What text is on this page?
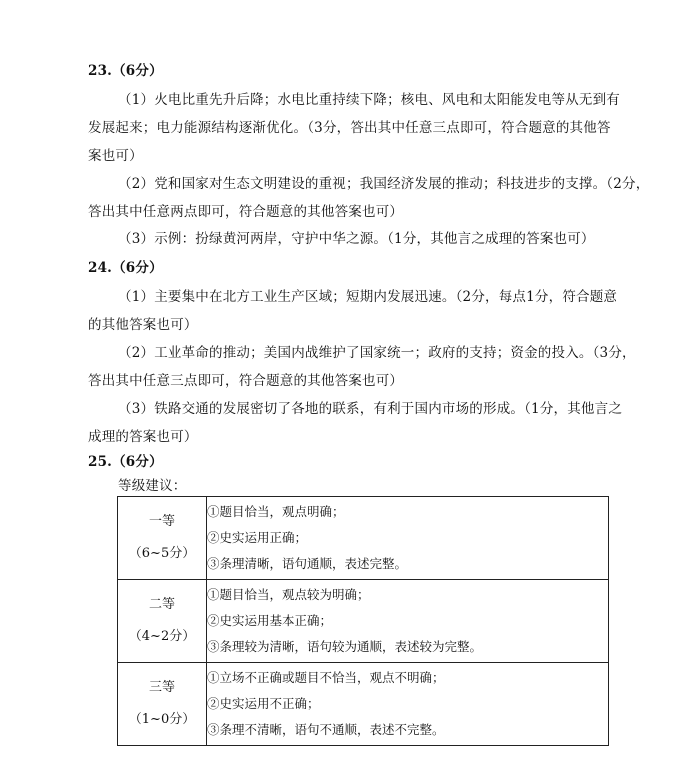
23.（6分）
（1）火电比重先升后降；水电比重持续下降；核电、风电和太阳能发电等从无到有
发展起来；电力能源结构逐渐优化。（3分，答出其中任意三点即可，符合题意的其他答
案也可）
（2）党和国家对生态文明建设的重视；我国经济发展的推动；科技进步的支撑。（2分，
答出其中任意两点即可，符合题意的其他答案也可）
（3）示例：扮绿黄河两岸，守护中华之源。（1分，其他言之成理的答案也可）
24.（6分）
（1）主要集中在北方工业生产区域；短期内发展迅速。（2分，每点1分，符合题意
的其他答案也可）
（2）工业革命的推动；美国内战维护了国家统一；政府的支持；资金的投入。（3分，
答出其中任意三点即可，符合题意的其他答案也可）
（3）铁路交通的发展密切了各地的联系，有利于国内市场的形成。（1分，其他言之
成理的答案也可）
25.（6分）
等级建议：
一等
（6~5分）	①题目恰当，观点明确；
②史实运用正确；
③条理清晰，语句通顺，表述完整。

二等
（4~2分）	①题目恰当，观点较为明确；
②史实运用基本正确；
③条理较为清晰，语句较为通顺，表述较为完整。

三等
（1~0分）	①立场不正确或题目不恰当，观点不明确；
②史实运用不正确；
③条理不清晰，语句不通顺，表述不完整。
